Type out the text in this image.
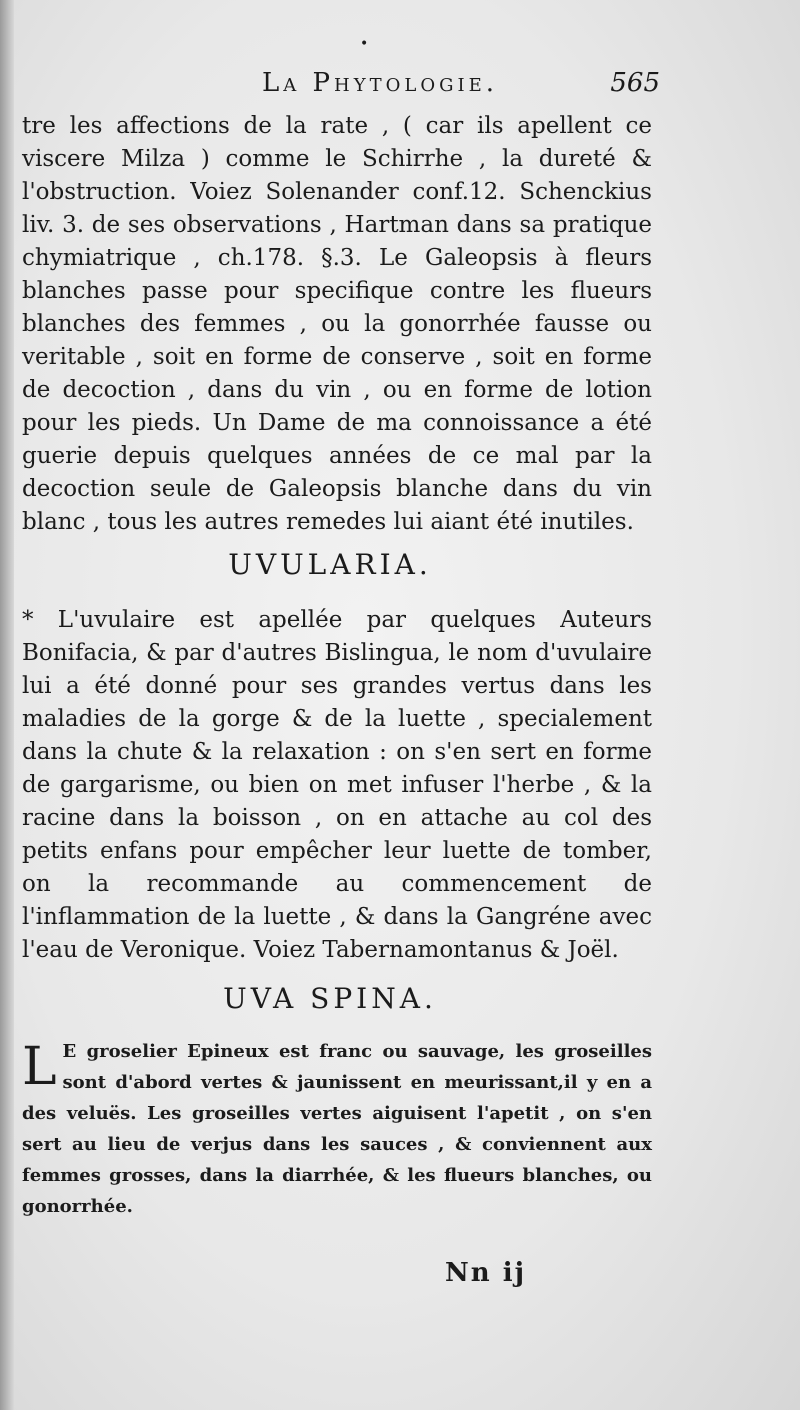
•
La Phytologie.	565

tre les affections de la rate , ( car ils apellent ce viscere Milza ) comme le Schirrhe , la dureté & l'obstruction. Voiez Solenander conf.12. Schenckius liv. 3. de ses observations , Hartman dans sa pratique chymiatrique , ch.178. §.3. Le Galeopsis à fleurs blanches passe pour specifique contre les flueurs blanches des femmes , ou la gonorrhée fausse ou veritable , soit en forme de conserve , soit en forme de decoction , dans du vin , ou en forme de lotion pour les pieds. Un Dame de ma connoissance a été guerie depuis quelques années de ce mal par la decoction seule de Galeopsis blanche dans du vin blanc , tous les autres remedes lui aiant été inutiles.

UVULARIA.

* L'uvulaire est apellée par quelques Auteurs Bonifacia, & par d'autres Bislingua, le nom d'uvulaire lui a été donné pour ses grandes vertus dans les maladies de la gorge & de la luette , specialement dans la chute & la relaxation : on s'en sert en forme de gargarisme, ou bien on met infuser l'herbe , & la racine dans la boisson , on en attache au col des petits enfans pour empêcher leur luette de tomber, on la recommande au commencement de l'inflammation de la luette , & dans la Gangréne avec l'eau de Veronique. Voiez Tabernamontanus & Joël.

UVA SPINA.
L E groselier Epineux est franc ou sauvage, les groseilles sont d'abord vertes & jaunissent en meurissant,il y en a des veluës. Les groseilles vertes aiguisent l'apetit , on s'en sert au lieu de verjus dans les sauces , & conviennent aux femmes grosses, dans la diarrhée, & les flueurs blanches, ou gonorrhée.

Nn ij
